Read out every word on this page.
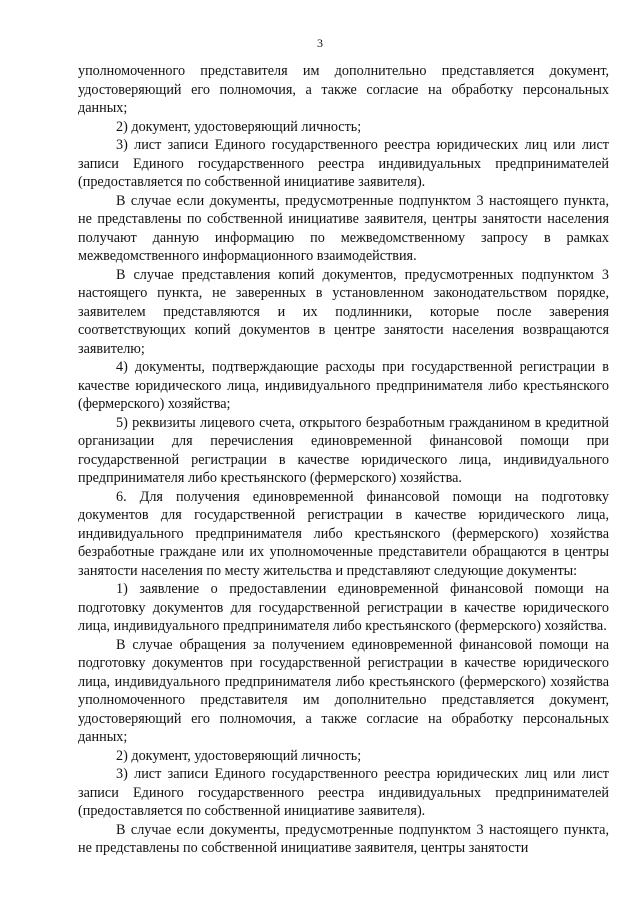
3

уполномоченного представителя им дополнительно представляется документ, удостоверяющий его полномочия, а также согласие на обработку персональных данных;

2) документ, удостоверяющий личность;

3) лист записи Единого государственного реестра юридических лиц или лист записи Единого государственного реестра индивидуальных предпринимателей (предоставляется по собственной инициативе заявителя).

В случае если документы, предусмотренные подпунктом 3 настоящего пункта, не представлены по собственной инициативе заявителя, центры занятости населения получают данную информацию по межведомственному запросу в рамках межведомственного информационного взаимодействия.

В случае представления копий документов, предусмотренных подпунктом 3 настоящего пункта, не заверенных в установленном законодательством порядке, заявителем представляются и их подлинники, которые после заверения соответствующих копий документов в центре занятости населения возвращаются заявителю;

4) документы, подтверждающие расходы при государственной регистрации в качестве юридического лица, индивидуального предпринимателя либо крестьянского (фермерского) хозяйства;

5) реквизиты лицевого счета, открытого безработным гражданином в кредитной организации для перечисления единовременной финансовой помощи при государственной регистрации в качестве юридического лица, индивидуального предпринимателя либо крестьянского (фермерского) хозяйства.

6. Для получения единовременной финансовой помощи на подготовку документов для государственной регистрации в качестве юридического лица, индивидуального предпринимателя либо крестьянского (фермерского) хозяйства безработные граждане или их уполномоченные представители обращаются в центры занятости населения по месту жительства и представляют следующие документы:

1) заявление о предоставлении единовременной финансовой помощи на подготовку документов для государственной регистрации в качестве юридического лица, индивидуального предпринимателя либо крестьянского (фермерского) хозяйства.

В случае обращения за получением единовременной финансовой помощи на подготовку документов при государственной регистрации в качестве юридического лица, индивидуального предпринимателя либо крестьянского (фермерского) хозяйства уполномоченного представителя им дополнительно представляется документ, удостоверяющий его полномочия, а также согласие на обработку персональных данных;

2) документ, удостоверяющий личность;

3) лист записи Единого государственного реестра юридических лиц или лист записи Единого государственного реестра индивидуальных предпринимателей (предоставляется по собственной инициативе заявителя).

В случае если документы, предусмотренные подпунктом 3 настоящего пункта, не представлены по собственной инициативе заявителя, центры занятости
